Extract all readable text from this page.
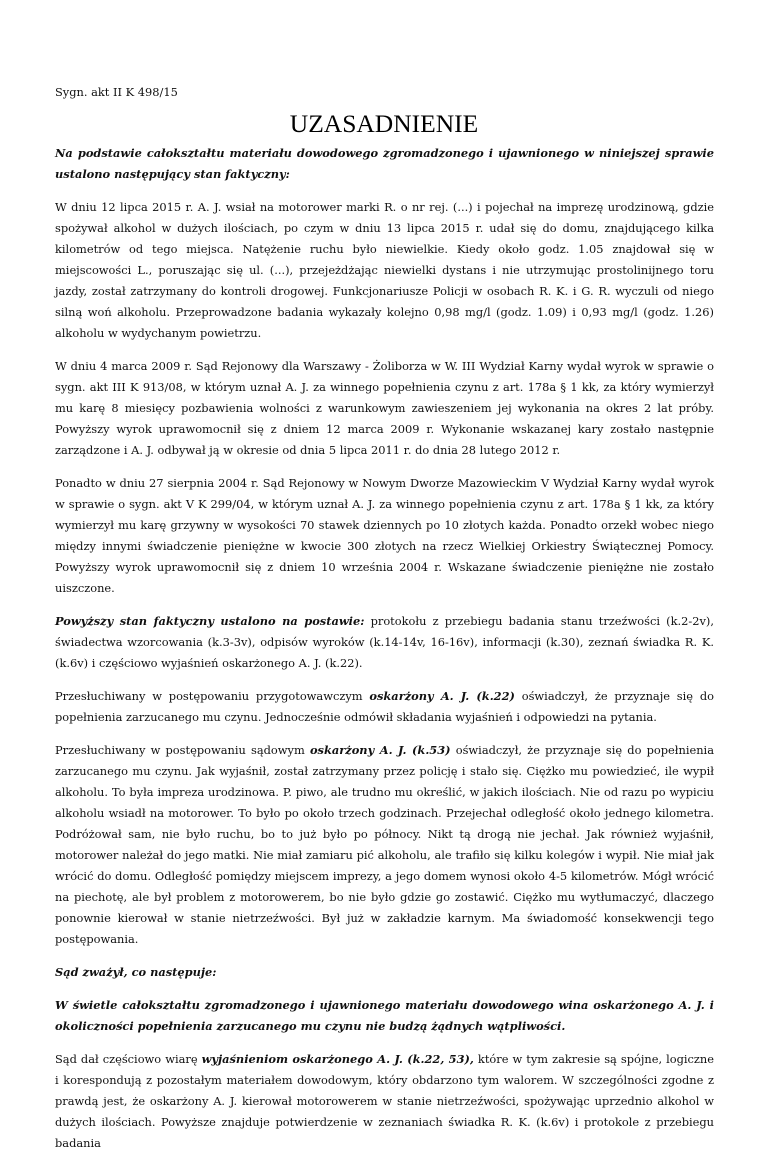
Sygn. akt II K 498/15

UZASADNIENIE

Na podstawie całokształtu materiału dowodowego zgromadzonego i ujawnionego w niniejszej sprawie ustalono następujący stan faktyczny:

W dniu 12 lipca 2015 r. A. J. wsiał na motorower marki R. o nr rej. (...) i pojechał na imprezę urodzinową, gdzie spożywał alkohol w dużych ilościach, po czym w dniu 13 lipca 2015 r. udał się do domu, znajdującego kilka kilometrów od tego miejsca. Natężenie ruchu było niewielkie. Kiedy około godz. 1.05 znajdował się w miejscowości L., poruszając się ul. (...), przejeżdżając niewielki dystans i nie utrzymując prostolinijnego toru jazdy, został zatrzymany do kontroli drogowej. Funkcjonariusze Policji w osobach R. K. i G. R. wyczuli od niego silną woń alkoholu. Przeprowadzone badania wykazały kolejno 0,98 mg/l (godz. 1.09) i 0,93 mg/l (godz. 1.26) alkoholu w wydychanym powietrzu.

W dniu 4 marca 2009 r. Sąd Rejonowy dla Warszawy - Żoliborza w W. III Wydział Karny wydał wyrok w sprawie o sygn. akt III K 913/08, w którym uznał A. J. za winnego popełnienia czynu z art. 178a § 1 kk, za który wymierzył mu karę 8 miesięcy pozbawienia wolności z warunkowym zawieszeniem jej wykonania na okres 2 lat próby. Powyższy wyrok uprawomocnił się z dniem 12 marca 2009 r. Wykonanie wskazanej kary zostało następnie zarządzone i A. J. odbywał ją w okresie od dnia 5 lipca 2011 r. do dnia 28 lutego 2012 r.

Ponadto w dniu 27 sierpnia 2004 r. Sąd Rejonowy w Nowym Dworze Mazowieckim V Wydział Karny wydał wyrok w sprawie o sygn. akt V K 299/04, w którym uznał A. J. za winnego popełnienia czynu z art. 178a § 1 kk, za który wymierzył mu karę grzywny w wysokości 70 stawek dziennych po 10 złotych każda. Ponadto orzekł wobec niego między innymi świadczenie pieniężne w kwocie 300 złotych na rzecz Wielkiej Orkiestry Świątecznej Pomocy. Powyższy wyrok uprawomocnił się z dniem 10 września 2004 r. Wskazane świadczenie pieniężne nie zostało uiszczone.

Powyższy stan faktyczny ustalono na postawie: protokołu z przebiegu badania stanu trzeźwości (k.2-2v), świadectwa wzorcowania (k.3-3v), odpisów wyroków (k.14-14v, 16-16v), informacji (k.30), zeznań świadka R. K. (k.6v) i częściowo wyjaśnień oskarżonego A. J. (k.22).

Przesłuchiwany w postępowaniu przygotowawczym oskarżony A. J. (k.22) oświadczył, że przyznaje się do popełnienia zarzucanego mu czynu. Jednocześnie odmówił składania wyjaśnień i odpowiedzi na pytania.

Przesłuchiwany w postępowaniu sądowym oskarżony A. J. (k.53) oświadczył, że przyznaje się do popełnienia zarzucanego mu czynu. Jak wyjaśnił, został zatrzymany przez policję i stało się. Ciężko mu powiedzieć, ile wypił alkoholu. To była impreza urodzinowa. P. piwo, ale trudno mu określić, w jakich ilościach. Nie od razu po wypiciu alkoholu wsiadł na motorower. To było po około trzech godzinach. Przejechał odległość około jednego kilometra. Podróżował sam, nie było ruchu, bo to już było po północy. Nikt tą drogą nie jechał. Jak również wyjaśnił, motorower należał do jego matki. Nie miał zamiaru pić alkoholu, ale trafiło się kilku kolegów i wypił. Nie miał jak wrócić do domu. Odległość pomiędzy miejscem imprezy, a jego domem wynosi około 4-5 kilometrów. Mógł wrócić na piechotę, ale był problem z motorowerem, bo nie było gdzie go zostawić. Ciężko mu wytłumaczyć, dlaczego ponownie kierował w stanie nietrzeźwości. Był już w zakładzie karnym. Ma świadomość konsekwencji tego postępowania.

Sąd zważył, co następuje:

W świetle całokształtu zgromadzonego i ujawnionego materiału dowodowego wina oskarżonego A. J. i okoliczności popełnienia zarzucanego mu czynu nie budzą żądnych wątpliwości.

Sąd dał częściowo wiarę wyjaśnieniom oskarżonego A. J. (k.22, 53), które w tym zakresie są spójne, logiczne i korespondują z pozostałym materiałem dowodowym, który obdarzono tym walorem. W szczególności zgodne z prawdą jest, że oskarżony A. J. kierował motorowerem w stanie nietrzeźwości, spożywając uprzednio alkohol w dużych ilościach. Powyższe znajduje potwierdzenie w zeznaniach świadka R. K. (k.6v) i protokole z przebiegu badania
